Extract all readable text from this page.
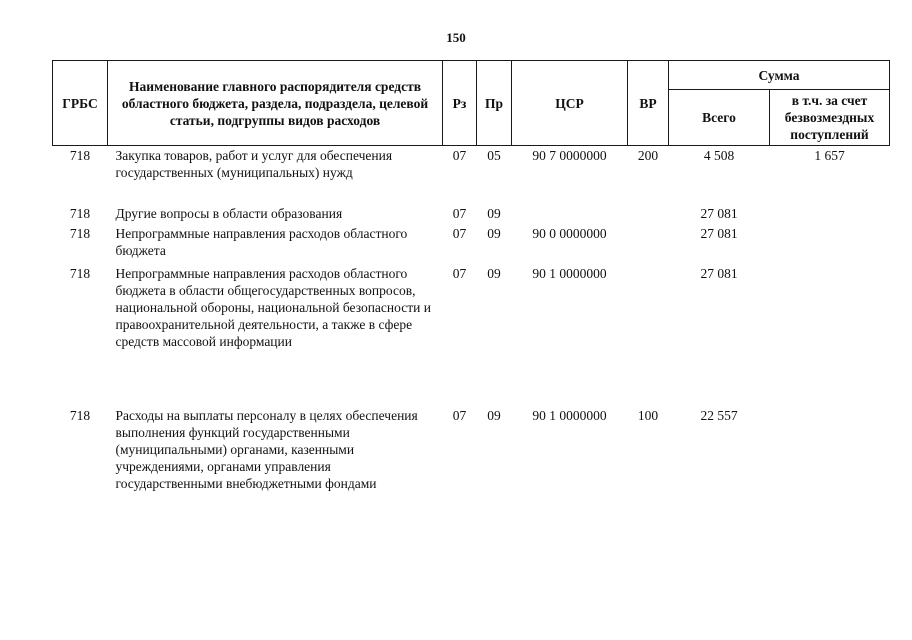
150
ГРБС	Наименование главного распорядителя средств областного бюджета, раздела, подраздела, целевой статьи, подгруппы видов расходов	Рз	Пр	ЦСР	ВР	Сумма	
						Всего	в т.ч. за счет безвозмездных поступлений
718	Закупка товаров, работ и услуг для обеспечения государственных (муниципальных) нужд	07	05	90 7 0000000	200	4 508	1 657
718	Другие вопросы в области образования	07	09			27 081	
718	Непрограммные направления расходов областного бюджета	07	09	90 0 0000000		27 081	
718	Непрограммные направления расходов областного бюджета в области общегосударственных вопросов, национальной обороны, национальной безопасности и правоохранительной деятельности, а также в сфере средств массовой информации	07	09	90 1 0000000		27 081	
718	Расходы на выплаты персоналу в целях обеспечения выполнения функций государственными (муниципальными) органами, казенными учреждениями, органами управления государственными внебюджетными фондами	07	09	90 1 0000000	100	22 557	
